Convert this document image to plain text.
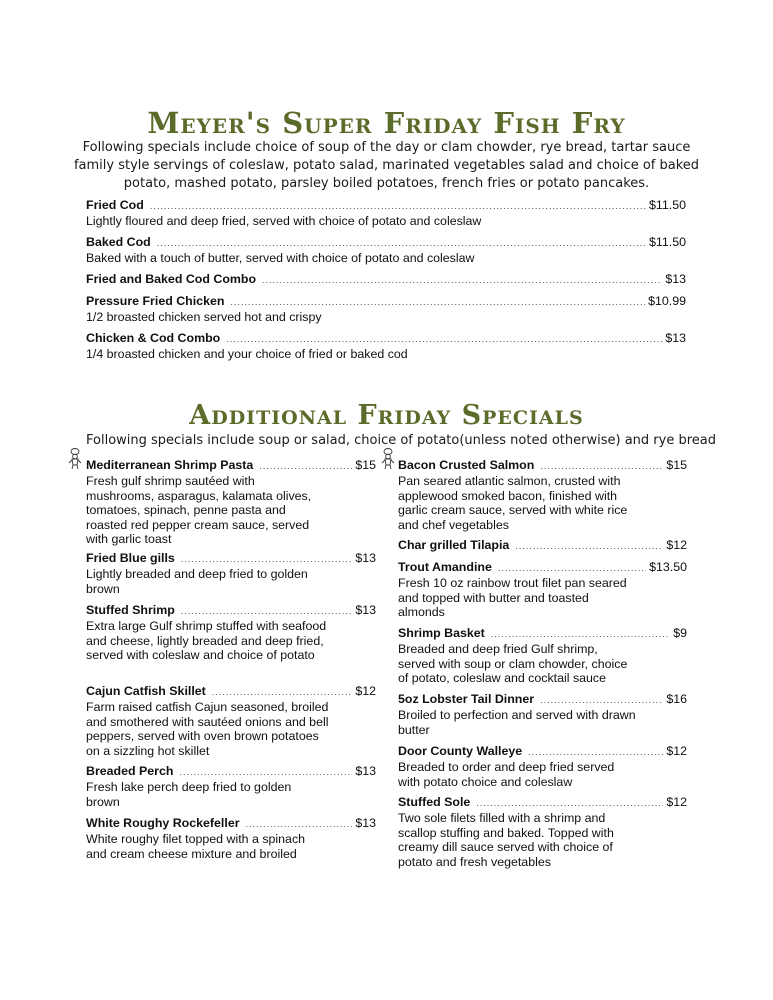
Meyer's Super Friday Fish Fry
Following specials include choice of soup of the day or clam chowder, rye bread, tartar sauce family style servings of coleslaw, potato salad, marinated vegetables salad and choice of baked potato, mashed potato, parsley boiled potatoes, french fries or potato pancakes.
Fried Cod .....	$11.50
Lightly floured and deep fried, served with choice of potato and coleslaw
Baked Cod .....	$11.50
Baked with a touch of butter, served with choice of potato and coleslaw
Fried and Baked Cod Combo .....	$13
Pressure Fried Chicken .....	$10.99
1/2 broasted chicken served hot and crispy
Chicken & Cod Combo .....	$13
1/4 broasted chicken and your choice of fried or baked cod
Additional Friday Specials
Following specials include soup or salad, choice of potato(unless noted otherwise) and rye bread
Mediterranean Shrimp Pasta .....	$15
Fresh gulf shrimp sautéed with mushrooms, asparagus, kalamata olives, tomatoes, spinach, penne pasta and roasted red pepper cream sauce, served with garlic toast
Fried Blue gills .....	$13
Lightly breaded and deep fried to golden brown
Stuffed Shrimp .....	$13
Extra large Gulf shrimp stuffed with seafood and cheese, lightly breaded and deep fried, served with coleslaw and choice of potato
Cajun Catfish Skillet .....	$12
Farm raised catfish Cajun seasoned, broiled and smothered with sautéed onions and bell peppers, served with oven brown potatoes on a sizzling hot skillet
Breaded Perch .....	$13
Fresh lake perch deep fried to golden brown
White Roughy Rockefeller .....	$13
White roughy filet topped with a spinach and cream cheese mixture and broiled
Bacon Crusted Salmon .....	$15
Pan seared atlantic salmon, crusted with applewood smoked bacon, finished with garlic cream sauce, served with white rice and chef vegetables
Char grilled Tilapia .....	$12
Trout Amandine .....	$13.50
Fresh 10 oz rainbow trout filet pan seared and topped with butter and toasted almonds
Shrimp Basket .....	$9
Breaded and deep fried Gulf shrimp, served with soup or clam chowder, choice of potato, coleslaw and cocktail sauce
5oz Lobster Tail Dinner .....	$16
Broiled to perfection and served with drawn butter
Door County Walleye .....	$12
Breaded to order and deep fried served with potato choice and coleslaw
Stuffed Sole .....	$12
Two sole filets filled with a shrimp and scallop stuffing and baked. Topped with creamy dill sauce served with choice of potato and fresh vegetables
